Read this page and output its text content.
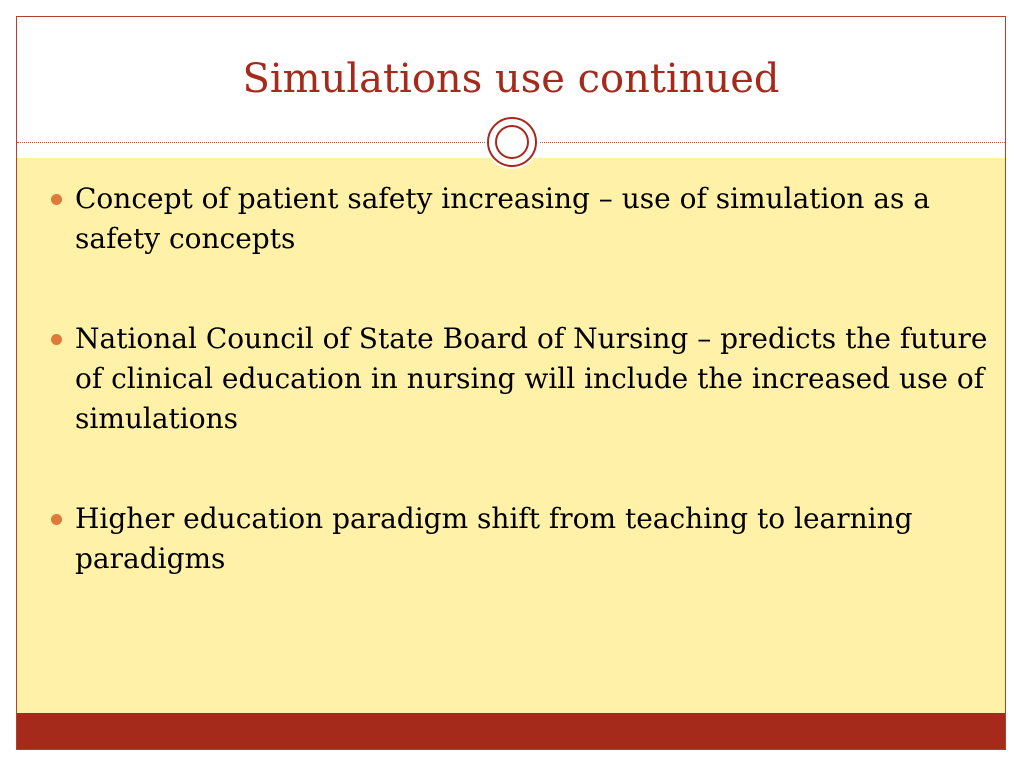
Simulations use continued
Concept of patient safety increasing – use of simulation as a safety concepts
National Council of State Board of Nursing – predicts the future of clinical education in nursing will include the increased use of simulations
Higher education paradigm shift from teaching to learning paradigms
